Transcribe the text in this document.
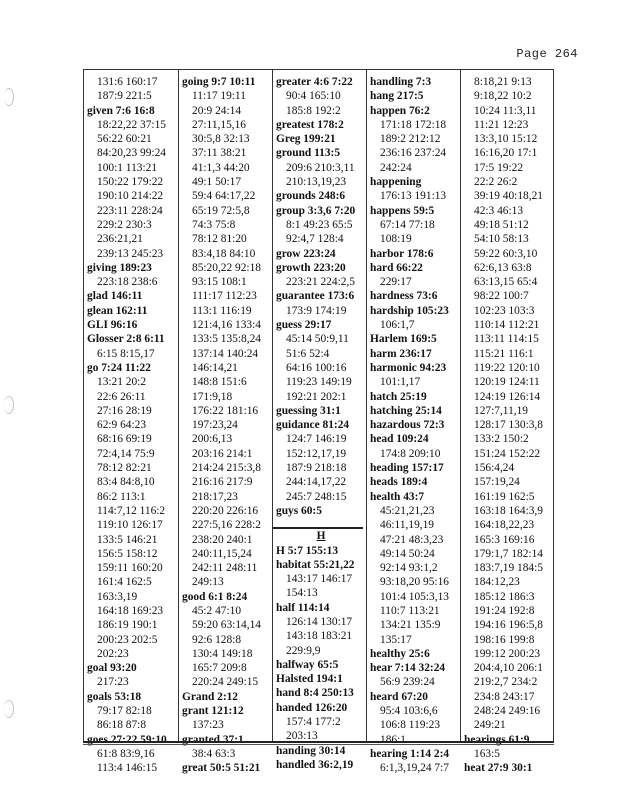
Page 264
131:6 160:17
187:9 221:5
given 7:6 16:8
18:22,22 37:15
56:22 60:21
84:20,23 99:24
100:1 113:21
150:22 179:22
190:10 214:22
223:11 228:24
229:2 230:3
236:21,21
239:13 245:23
giving 189:23
223:18 238:6
glad 146:11
glean 162:11
GLI 96:16
Glosser 2:8 6:11
6:15 8:15,17
go 7:24 11:22
13:21 20:2
22:6 26:11
27:16 28:19
62:9 64:23
68:16 69:19
72:4,14 75:9
78:12 82:21
83:4 84:8,10
86:2 113:1
114:7,12 116:2
119:10 126:17
133:5 146:21
156:5 158:12
159:11 160:20
161:4 162:5
163:3,19
164:18 169:23
186:19 190:1
200:23 202:5
202:23
goal 93:20
217:23
goals 53:18
79:17 82:18
86:18 87:8
goes 27:22 59:10
61:8 83:9,16
113:4 146:15
going 9:7 10:11
11:17 19:11
20:9 24:14
27:11,15,16
30:5,8 32:13
37:11 38:21
41:1,3 44:20
49:1 50:17
59:4 64:17,22
65:19 72:5,8
74:3 75:8
78:12 81:20
83:4,18 84:10
85:20,22 92:18
93:15 108:1
111:17 112:23
113:1 116:19
121:4,16 133:4
133:5 135:8,24
137:14 140:24
146:14,21
148:8 151:6
171:9,18
176:22 181:16
197:23,24
200:6,13
203:16 214:1
214:24 215:3,8
216:16 217:9
218:17,23
220:20 226:16
227:5,16 228:2
238:20 240:1
240:11,15,24
242:11 248:11
249:13
good 6:1 8:24
45:2 47:10
59:20 63:14,14
92:6 128:8
130:4 149:18
165:7 209:8
220:24 249:15
Grand 2:12
grant 121:12
137:23
granted 37:1
38:4 63:3
great 50:5 51:21
greater 4:6 7:22
90:4 165:10
185:8 192:2
greatest 178:2
Greg 199:21
ground 113:5
209:6 210:3,11
210:13,19,23
grounds 248:6
group 3:3,6 7:20
8:1 49:23 65:5
92:4,7 128:4
grow 223:24
growth 223:20
223:21 224:2,5
guarantee 173:6
173:9 174:19
guess 29:17
45:14 50:9,11
51:6 52:4
64:16 100:16
119:23 149:19
192:21 202:1
guessing 31:1
guidance 81:24
124:7 146:19
152:12,17,19
187:9 218:18
244:14,17,22
245:7 248:15
guys 60:5
H
H 5:7 155:13
habitat 55:21,22
143:17 146:17
154:13
half 114:14
126:14 130:17
143:18 183:21
229:9,9
halfway 65:5
Halsted 194:1
hand 8:4 250:13
handed 126:20
157:4 177:2
203:13
handing 30:14
handled 36:2,19
handling 7:3
hang 217:5
happen 76:2
171:18 172:18
189:2 212:12
236:16 237:24
242:24
happening
176:13 191:13
happens 59:5
67:14 77:18
108:19
harbor 178:6
hard 66:22
229:17
hardness 73:6
hardship 105:23
106:1,7
Harlem 169:5
harm 236:17
harmonic 94:23
101:1,17
hatch 25:19
hatching 25:14
hazardous 72:3
head 109:24
174:8 209:10
heading 157:17
heads 189:4
health 43:7
45:21,21,23
46:11,19,19
47:21 48:3,23
49:14 50:24
92:14 93:1,2
93:18,20 95:16
101:4 105:3,13
110:7 113:21
134:21 135:9
135:17
healthy 25:6
hear 7:14 32:24
56:9 239:24
heard 67:20
95:4 103:6,6
106:8 119:23
186:1
hearing 1:14 2:4
6:1,3,19,24 7:7
8:18,21 9:13
9:18,22 10:2
10:24 11:3,11
11:21 12:23
13:3,10 15:12
16:16,20 17:1
17:5 19:22
22:2 26:2
39:19 40:18,21
42:3 46:13
49:18 51:12
54:10 58:13
59:22 60:3,10
62:6,13 63:8
63:13,15 65:4
98:22 100:7
102:23 103:3
110:14 112:21
113:11 114:15
115:21 116:1
119:22 120:10
120:19 124:11
124:19 126:14
127:7,11,19
128:17 130:3,8
133:2 150:2
151:24 152:22
156:4,24
157:19,24
161:19 162:5
163:18 164:3,9
164:18,22,23
165:3 169:16
179:1,7 182:14
183:7,19 184:5
184:12,23
185:12 186:3
191:24 192:8
194:16 196:5,8
198:16 199:8
199:12 200:23
204:4,10 206:1
219:2,7 234:2
234:8 243:17
248:24 249:16
249:21
hearings 61:9
163:5
heat 27:9 30:1
